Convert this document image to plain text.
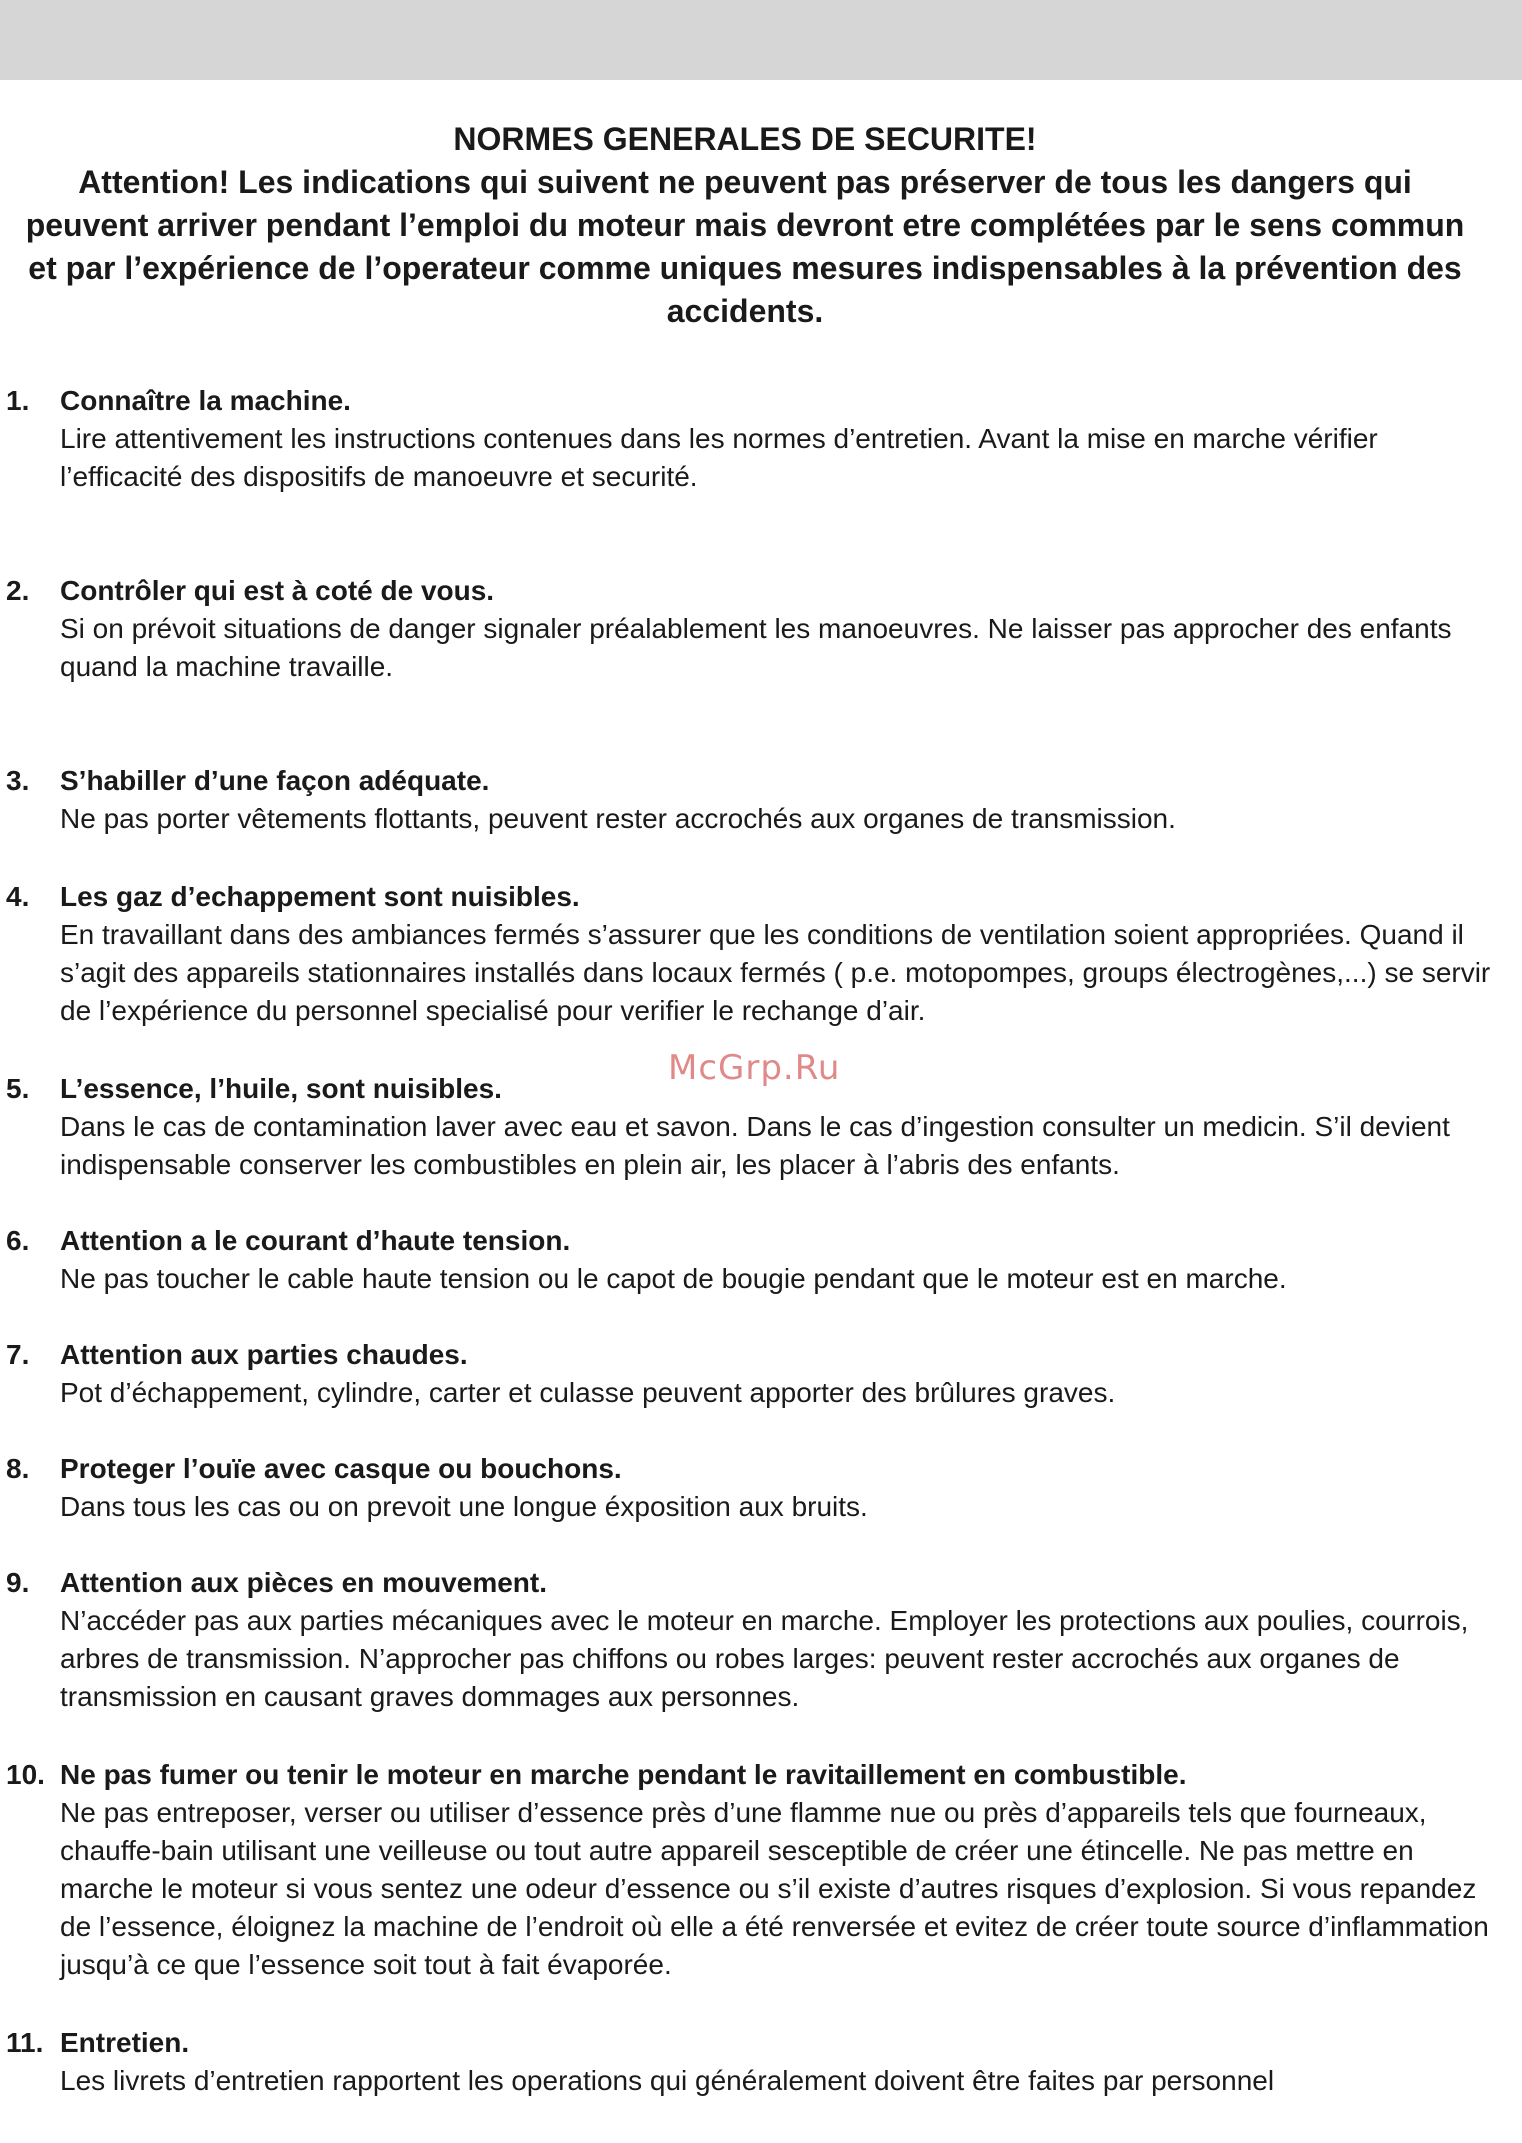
NORMES GENERALES DE SECURITE!
Attention! Les indications qui suivent ne peuvent pas préserver de tous les dangers qui peuvent arriver pendant l’emploi du moteur mais devront etre complétées par le sens commun et par l’expérience de l’operateur comme uniques mesures indispensables à la prévention des accidents.
1. Connaître la machine.
Lire attentivement les instructions contenues dans les normes d’entretien. Avant la mise en marche vérifier l’efficacité des dispositifs de manoeuvre et securité.
2. Contrôler qui est à coté de vous.
Si on prévoit situations de danger signaler préalablement les manoeuvres. Ne laisser pas approcher des enfants quand la machine travaille.
3. S’habiller d’une façon adéquate.
Ne pas porter vêtements flottants, peuvent rester accrochés aux organes de transmission.
4. Les gaz d’echappement sont nuisibles.
En travaillant dans des ambiances fermés s’assurer que les conditions de ventilation soient appropriées. Quand il s’agit des appareils stationnaires installés dans locaux fermés ( p.e. motopompes, groups électrogènes,...) se servir de l’expérience du personnel specialisé pour verifier le rechange d’air.
5. L’essence, l’huile, sont nuisibles.
Dans le cas de contamination laver avec eau et savon. Dans le cas d’ingestion consulter un medicin. S’il devient indispensable conserver les combustibles en plein air, les placer à l’abris des enfants.
6. Attention a le courant d’haute tension.
Ne pas toucher le cable haute tension ou le capot de bougie pendant que le moteur est en marche.
7. Attention aux parties chaudes.
Pot d’échappement, cylindre, carter et culasse peuvent apporter des brûlures graves.
8. Proteger l’ouïe avec casque ou bouchons.
Dans tous les cas ou on prevoit une longue éxposition aux bruits.
9. Attention aux pièces en mouvement.
N’accéder pas aux parties mécaniques avec le moteur en marche. Employer les protections aux poulies, courrois, arbres de transmission. N’approcher pas chiffons ou robes larges: peuvent rester accrochés aux organes de transmission en causant graves dommages aux personnes.
10. Ne pas fumer ou tenir le moteur en marche pendant le ravitaillement en combustible.
Ne pas entreposer, verser ou utiliser d’essence près d’une flamme nue ou près d’appareils tels que fourneaux, chauffe-bain utilisant une veilleuse ou tout autre appareil sesceptible de créer une étincelle. Ne pas mettre en marche le moteur si vous sentez une odeur d’essence ou s’il existe d’autres risques d’explosion. Si vous repandez de l’essence, éloignez la machine de l’endroit où elle a été renversée et evitez de créer toute source d’inflammation jusqu’à ce que l’essence soit tout à fait évaporée.
11. Entretien.
Les livrets d’entretien rapportent les operations qui généralement doivent être faites par personnel
McGrp.Ru
